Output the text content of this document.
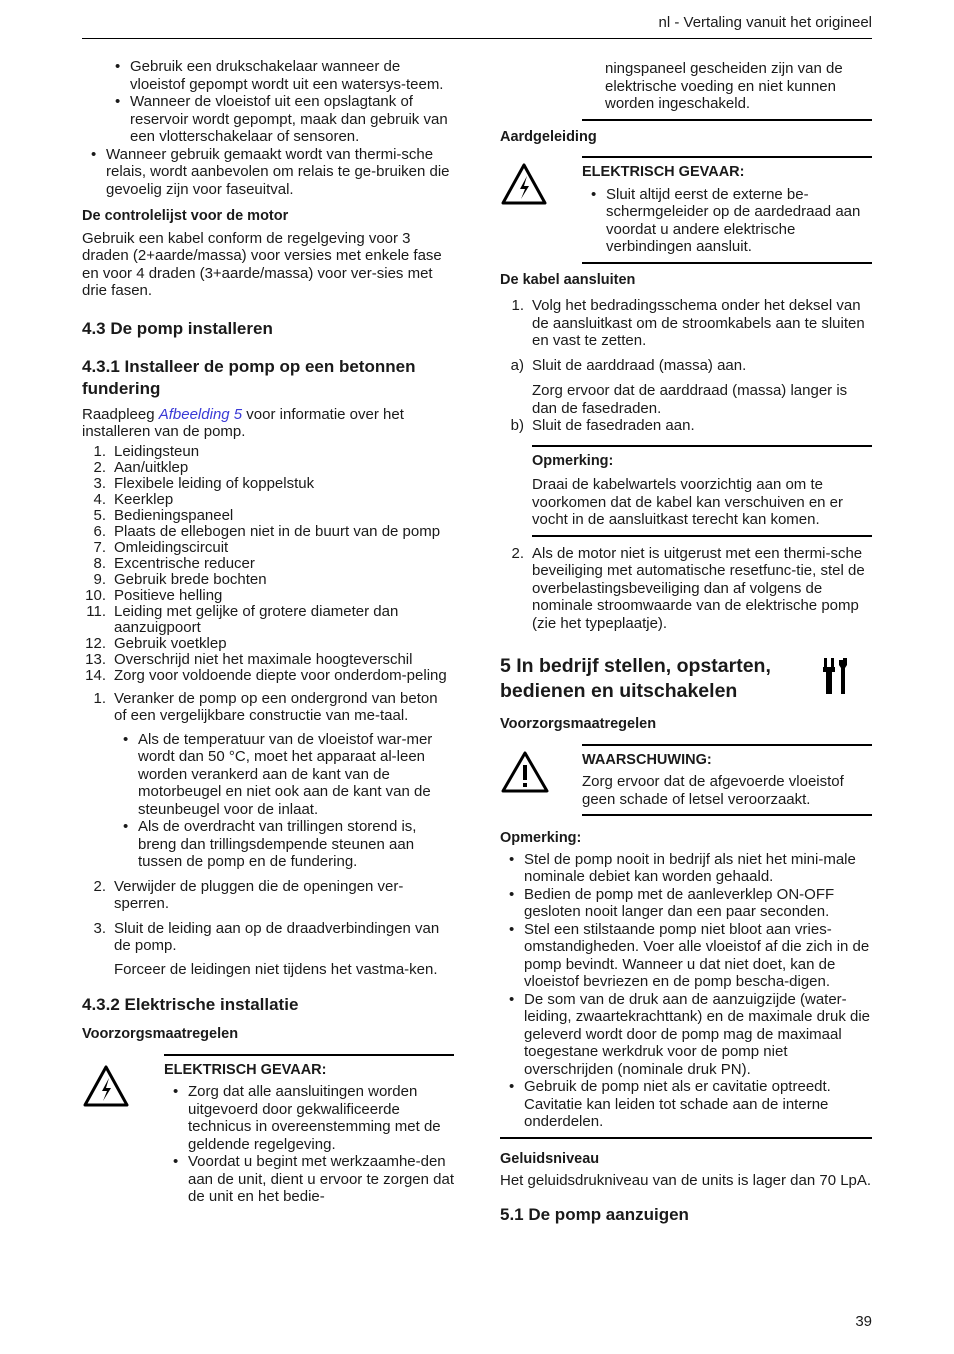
nl - Vertaling vanuit het origineel
• Gebruik een drukschakelaar wanneer de vloeistof gepompt wordt uit een watersys-teem.
• Wanneer de vloeistof uit een opslagtank of reservoir wordt gepompt, maak dan gebruik van een vlotterschakelaar of sensoren.
• Wanneer gebruik gemaakt wordt van thermi-sche relais, wordt aanbevolen om relais te ge-bruiken die gevoelig zijn voor faseuitval.
De controlelijst voor de motor

Gebruik een kabel conform de regelgeving voor 3 draden (2+aarde/massa) voor versies met enkele fase en voor 4 draden (3+aarde/massa) voor ver-sies met drie fasen.

4.3 De pomp installeren
4.3.1 Installeer de pomp op een betonnen fundering

Raadpleeg Afbeelding 5 voor informatie over het installeren van de pomp.

1. Leidingsteun
2. Aan/uitklep
3. Flexibele leiding of koppelstuk
4. Keerklep
5. Bedieningspaneel
6. Plaats de ellebogen niet in de buurt van de pomp
7. Omleidingscircuit
8. Excentrische reducer
9. Gebruik brede bochten
10. Positieve helling
11. Leiding met gelijke of grotere diameter dan aanzuigpoort
12. Gebruik voetklep
13. Overschrijd niet het maximale hoogteverschil
14. Zorg voor voldoende diepte voor onderdom-peling
1. Veranker de pomp op een ondergrond van beton of een vergelijkbare constructie van me-taal.
• Als de temperatuur van de vloeistof war-mer wordt dan 50 °C, moet het apparaat al-leen worden verankerd aan de kant van de motorbeugel en niet ook aan de kant van de steunbeugel voor de inlaat.
• Als de overdracht van trillingen storend is, breng dan trillingsdempende steunen aan tussen de pomp en de fundering.
2. Verwijder de pluggen die de openingen ver-sperren.
3. Sluit de leiding aan op de draadverbindingen van de pomp.

Forceer de leidingen niet tijdens het vastma-ken.

4.3.2 Elektrische installatie
Voorzorgsmaatregelen
ELEKTRISCH GEVAAR:
• Zorg dat alle aansluitingen worden uitgevoerd door gekwalificeerde technicus in overeenstemming met de geldende regelgeving.
• Voordat u begint met werkzaamhe-den aan de unit, dient u ervoor te zorgen dat de unit en het bedie-

ningspaneel gescheiden zijn van de elektrische voeding en niet kunnen worden ingeschakeld.

Aardgeleiding
ELEKTRISCH GEVAAR:
• Sluit altijd eerst de externe be-schermgeleider op de aardedraad aan voordat u andere elektrische verbindingen aansluit.
De kabel aansluiten
1. Volg het bedradingsschema onder het deksel van de aansluitkast om de stroomkabels aan te sluiten en vast te zetten.
a) Sluit de aarddraad (massa) aan.

Zorg ervoor dat de aarddraad (massa) langer is dan de fasedraden.

b) Sluit de fasedraden aan.
Opmerking:

Draai de kabelwartels voorzichtig aan om te voorkomen dat de kabel kan verschuiven en er vocht in de aansluitkast terecht kan komen.

2. Als de motor niet is uitgerust met een thermi-sche beveiliging met automatische resetfunc-tie, stel de overbelastingsbeveiliging dan af volgens de nominale stroomwaarde van de elektrische pomp (zie het typeplaatje).
5 In bedrijf stellen, opstarten, bedienen en uitschakelen
Voorzorgsmaatregelen
WAARSCHUWING:

Zorg ervoor dat de afgevoerde vloeistof geen schade of letsel veroorzaakt.

Opmerking:
• Stel de pomp nooit in bedrijf als niet het mini-male nominale debiet kan worden gehaald.
• Bedien de pomp met de aanleverklep ON-OFF gesloten nooit langer dan een paar seconden.
• Stel een stilstaande pomp niet bloot aan vries-omstandigheden. Voer alle vloeistof af die zich in de pomp bevindt. Wanneer u dat niet doet, kan de vloeistof bevriezen en de pomp bescha-digen.
• De som van de druk aan de aanzuigzijde (water-leiding, zwaartekrachttank) en de maximale druk die geleverd wordt door de pomp mag de maximaal toegestane werkdruk voor de pomp niet overschrijden (nominale druk PN).
• Gebruik de pomp niet als er cavitatie optreedt. Cavitatie kan leiden tot schade aan de interne onderdelen.
Geluidsniveau

Het geluidsdrukniveau van de units is lager dan 70 LpA.

5.1 De pomp aanzuigen
39
